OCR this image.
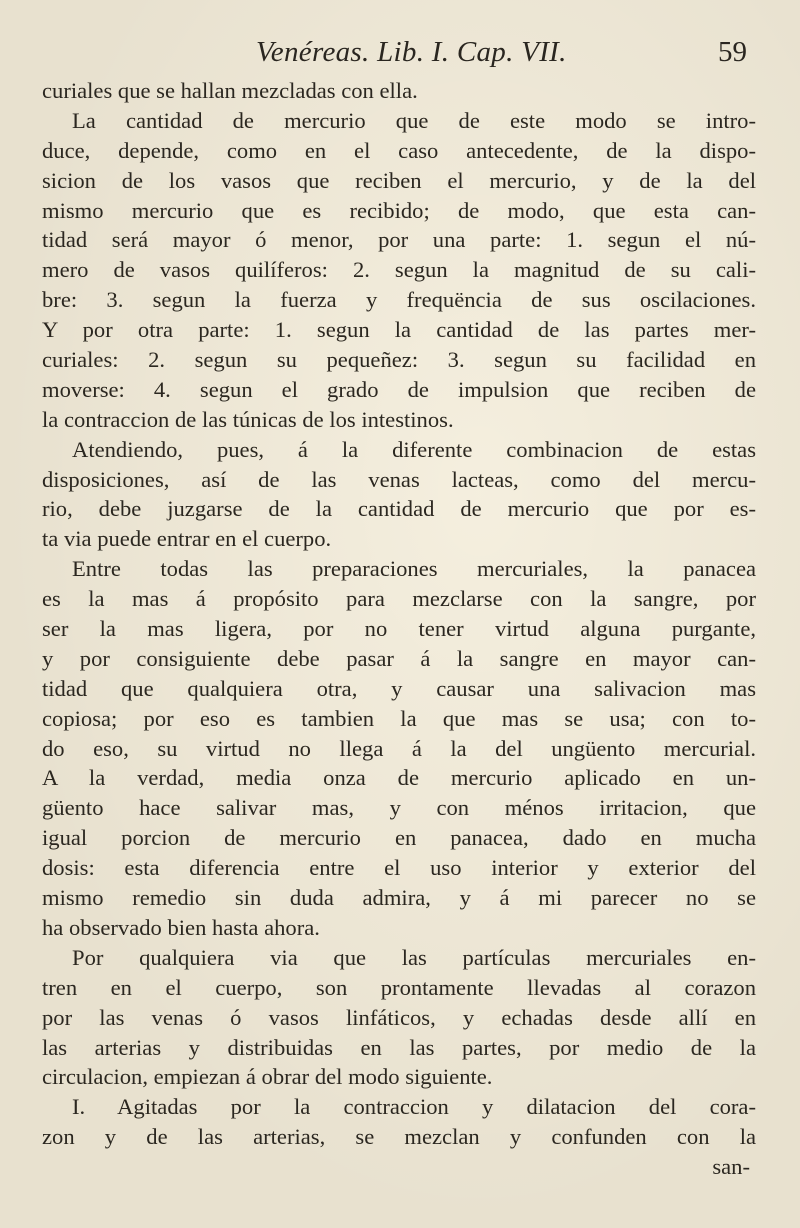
Venéreas. Lib. I. Cap. VII.	59
curiales que se hallan mezcladas con ella.
La cantidad de mercurio que de este modo se intro-
duce, depende, como en el caso antecedente, de la dispo-
sicion de los vasos que reciben el mercurio, y de la del
mismo mercurio que es recibido; de modo, que esta can-
tidad será mayor ó menor, por una parte: 1. segun el nú-
mero de vasos quilíferos: 2. segun la magnitud de su cali-
bre: 3. segun la fuerza y frequëncia de sus oscilaciones.
Y por otra parte: 1. segun la cantidad de las partes mer-
curiales: 2. segun su pequeñez: 3. segun su facilidad en
moverse: 4. segun el grado de impulsion que reciben de
la contraccion de las túnicas de los intestinos.
Atendiendo, pues, á la diferente combinacion de estas
disposiciones, así de las venas lacteas, como del mercu-
rio, debe juzgarse de la cantidad de mercurio que por es-
ta via puede entrar en el cuerpo.
Entre todas las preparaciones mercuriales, la panacea
es la mas á propósito para mezclarse con la sangre, por
ser la mas ligera, por no tener virtud alguna purgante,
y por consiguiente debe pasar á la sangre en mayor can-
tidad que qualquiera otra, y causar una salivacion mas
copiosa; por eso es tambien la que mas se usa; con to-
do eso, su virtud no llega á la del ungüento mercurial.
A la verdad, media onza de mercurio aplicado en un-
güento hace salivar mas, y con ménos irritacion, que
igual porcion de mercurio en panacea, dado en mucha
dosis: esta diferencia entre el uso interior y exterior del
mismo remedio sin duda admira, y á mi parecer no se
ha observado bien hasta ahora.
Por qualquiera via que las partículas mercuriales en-
tren en el cuerpo, son prontamente llevadas al corazon
por las venas ó vasos linfáticos, y echadas desde allí en
las arterias y distribuidas en las partes, por medio de la
circulacion, empiezan á obrar del modo siguiente.
I. Agitadas por la contraccion y dilatacion del cora-
zon y de las arterias, se mezclan y confunden con la
san-
